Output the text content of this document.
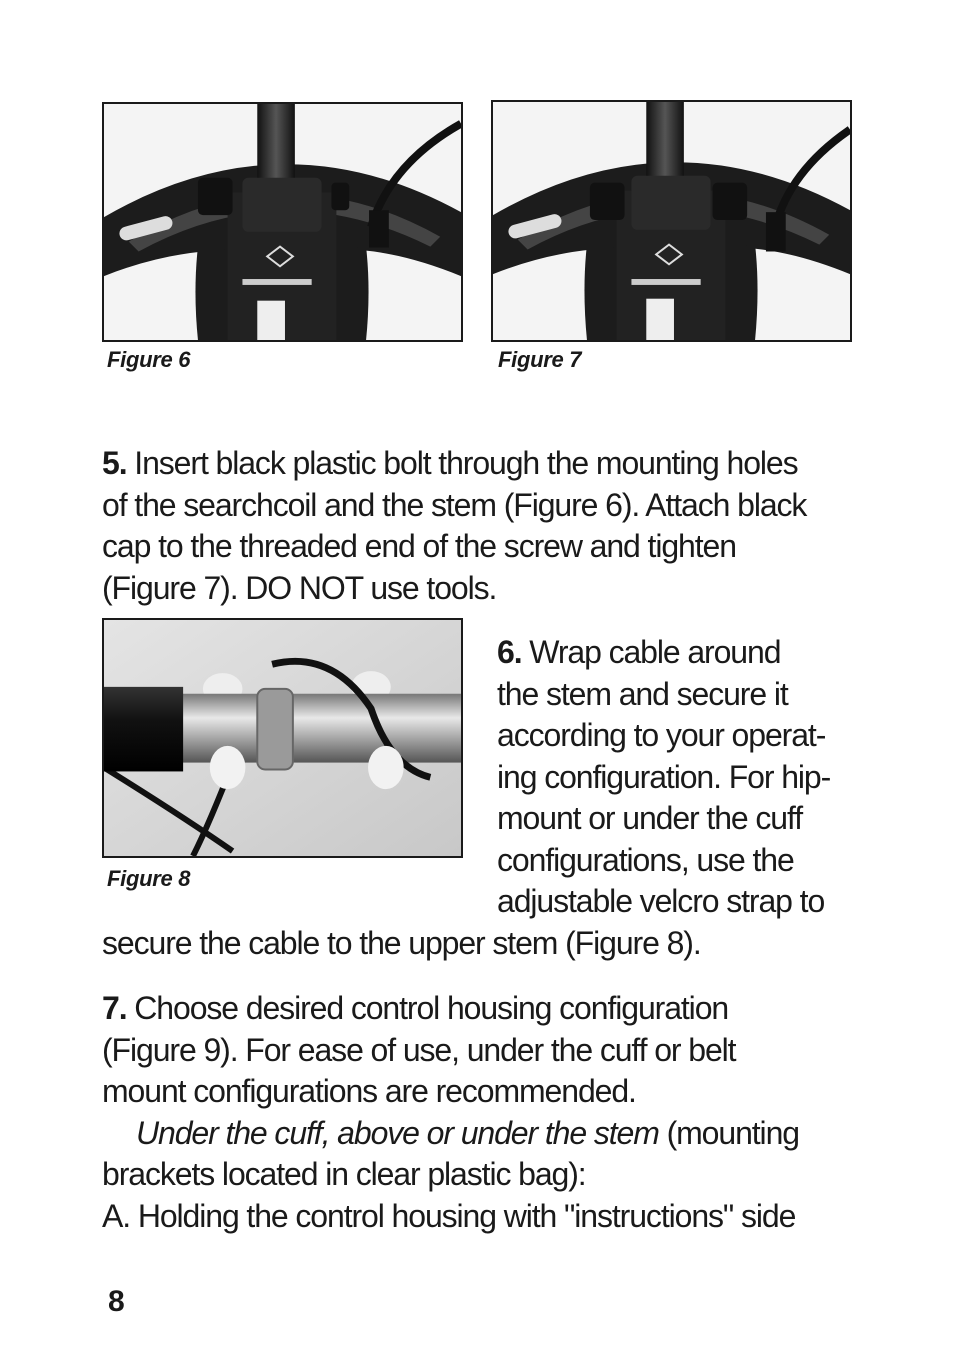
Figure 6	Figure 7
5. Insert black plastic bolt through the mounting holes
of the searchcoil and the stem (Figure 6). Attach black
cap to the threaded end of the screw and tighten
(Figure 7). DO NOT use tools.
Figure 8
6. Wrap cable around
the stem and secure it
according to your operat-
ing configuration. For hip-
mount or under the cuff
configurations, use the
adjustable velcro strap to
secure the cable to the upper stem (Figure 8).
7. Choose desired control housing configuration
(Figure 9). For ease of use, under the cuff or belt
mount configurations are recommended.
Under the cuff, above or under the stem (mounting
brackets located in clear plastic bag):
A. Holding the control housing with "instructions" side
8
